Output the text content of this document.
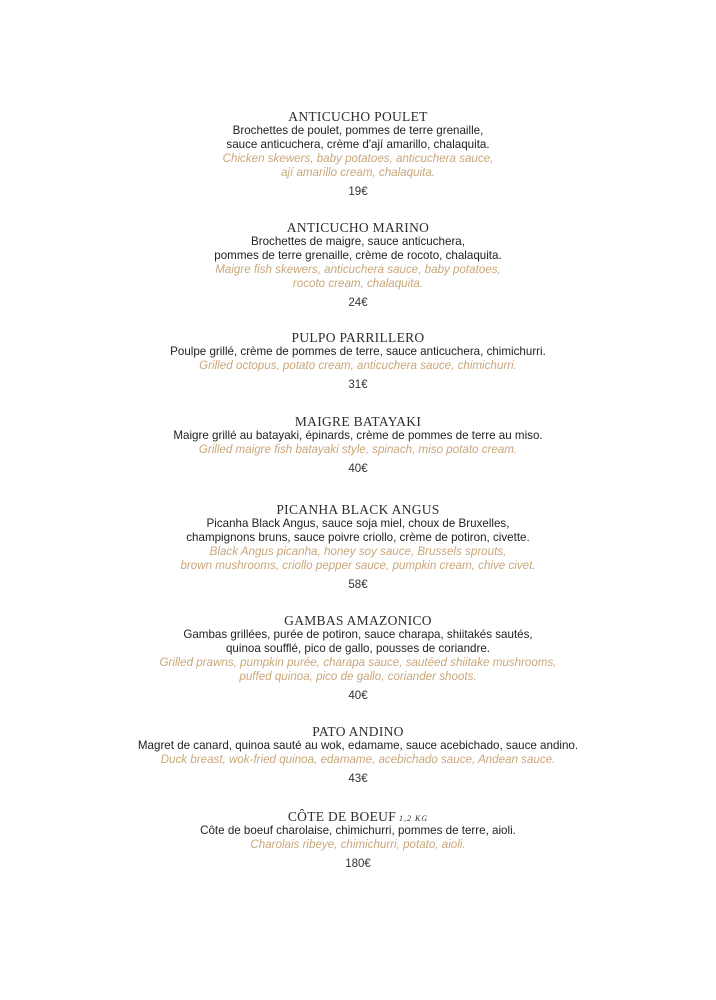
ANTICUCHO POULET
Brochettes de poulet, pommes de terre grenaille,
sauce anticuchera, crème d'ají amarillo, chalaquita.
Chicken skewers, baby potatoes, anticuchera sauce,
ají amarillo cream, chalaquita.
19€
ANTICUCHO MARINO
Brochettes de maigre, sauce anticuchera,
pommes de terre grenaille, crème de rocoto, chalaquita.
Maigre fish skewers, anticuchera sauce, baby potatoes,
rocoto cream, chalaquita.
24€
PULPO PARRILLERO
Poulpe grillé, crème de pommes de terre, sauce anticuchera, chimichurri.
Grilled octopus, potato cream, anticuchera sauce, chimichurri.
31€
MAIGRE BATAYAKI
Maigre grillé au batayaki, épinards, crème de pommes de terre au miso.
Grilled maigre fish batayaki style, spinach, miso potato cream.
40€
PICANHA BLACK ANGUS
Picanha Black Angus, sauce soja miel, choux de Bruxelles,
champignons bruns, sauce poivre criollo, crème de potiron, civette.
Black Angus picanha, honey soy sauce, Brussels sprouts,
brown mushrooms, criollo pepper sauce, pumpkin cream, chive civet.
58€
GAMBAS AMAZONICO
Gambas grillées, purée de potiron, sauce charapa, shiitakés sautés,
quinoa soufflé, pico de gallo, pousses de coriandre.
Grilled prawns, pumpkin purée, charapa sauce, sautéed shiitake mushrooms,
puffed quinoa, pico de gallo, coriander shoots.
40€
PATO ANDINO
Magret de canard, quinoa sauté au wok, edamame, sauce acebichado, sauce andino.
Duck breast, wok-fried quinoa, edamame, acebichado sauce, Andean sauce.
43€
CÔTE DE BOEUF 1,2 KG
Côte de boeuf charolaise, chimichurri, pommes de terre, aioli.
Charolais ribeye, chimichurri, potato, aioli.
180€
